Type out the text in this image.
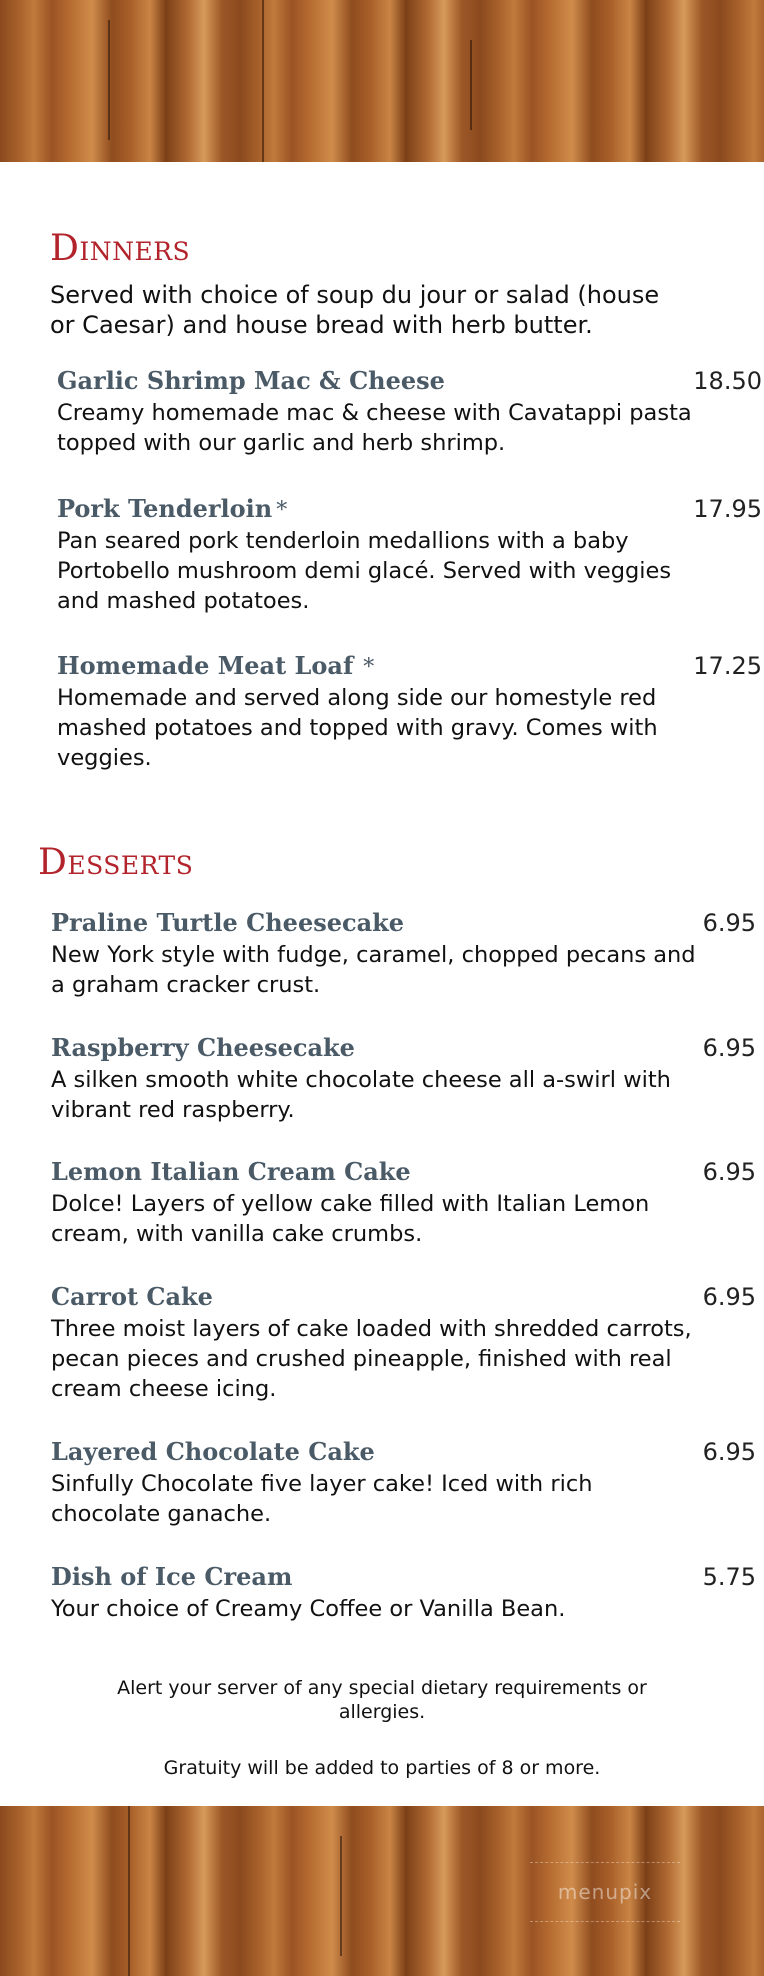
Dinners

Served with choice of soup du jour or salad (house or Caesar) and house bread with herb butter.

Garlic Shrimp Mac & Cheese	18.50

Creamy homemade mac & cheese with Cavatappi pasta topped with our garlic and herb shrimp.

Pork Tenderloin *	17.95

Pan seared pork tenderloin medallions with a baby Portobello mushroom demi glacé. Served with veggies and mashed potatoes.

Homemade Meat Loaf *	17.25

Homemade and served along side our homestyle red mashed potatoes and topped with gravy. Comes with veggies.

Desserts
Praline Turtle Cheesecake	6.95

New York style with fudge, caramel, chopped pecans and a graham cracker crust.

Raspberry Cheesecake	6.95

A silken smooth white chocolate cheese all a-swirl with vibrant red raspberry.

Lemon Italian Cream Cake	6.95

Dolce! Layers of yellow cake filled with Italian Lemon cream, with vanilla cake crumbs.

Carrot Cake	6.95

Three moist layers of cake loaded with shredded carrots, pecan pieces and crushed pineapple, finished with real cream cheese icing.

Layered Chocolate Cake	6.95

Sinfully Chocolate five layer cake! Iced with rich chocolate ganache.

Dish of Ice Cream	5.75

Your choice of Creamy Coffee or Vanilla Bean.

Alert your server of any special dietary requirements or allergies.

Gratuity will be added to parties of 8 or more.

menupix
